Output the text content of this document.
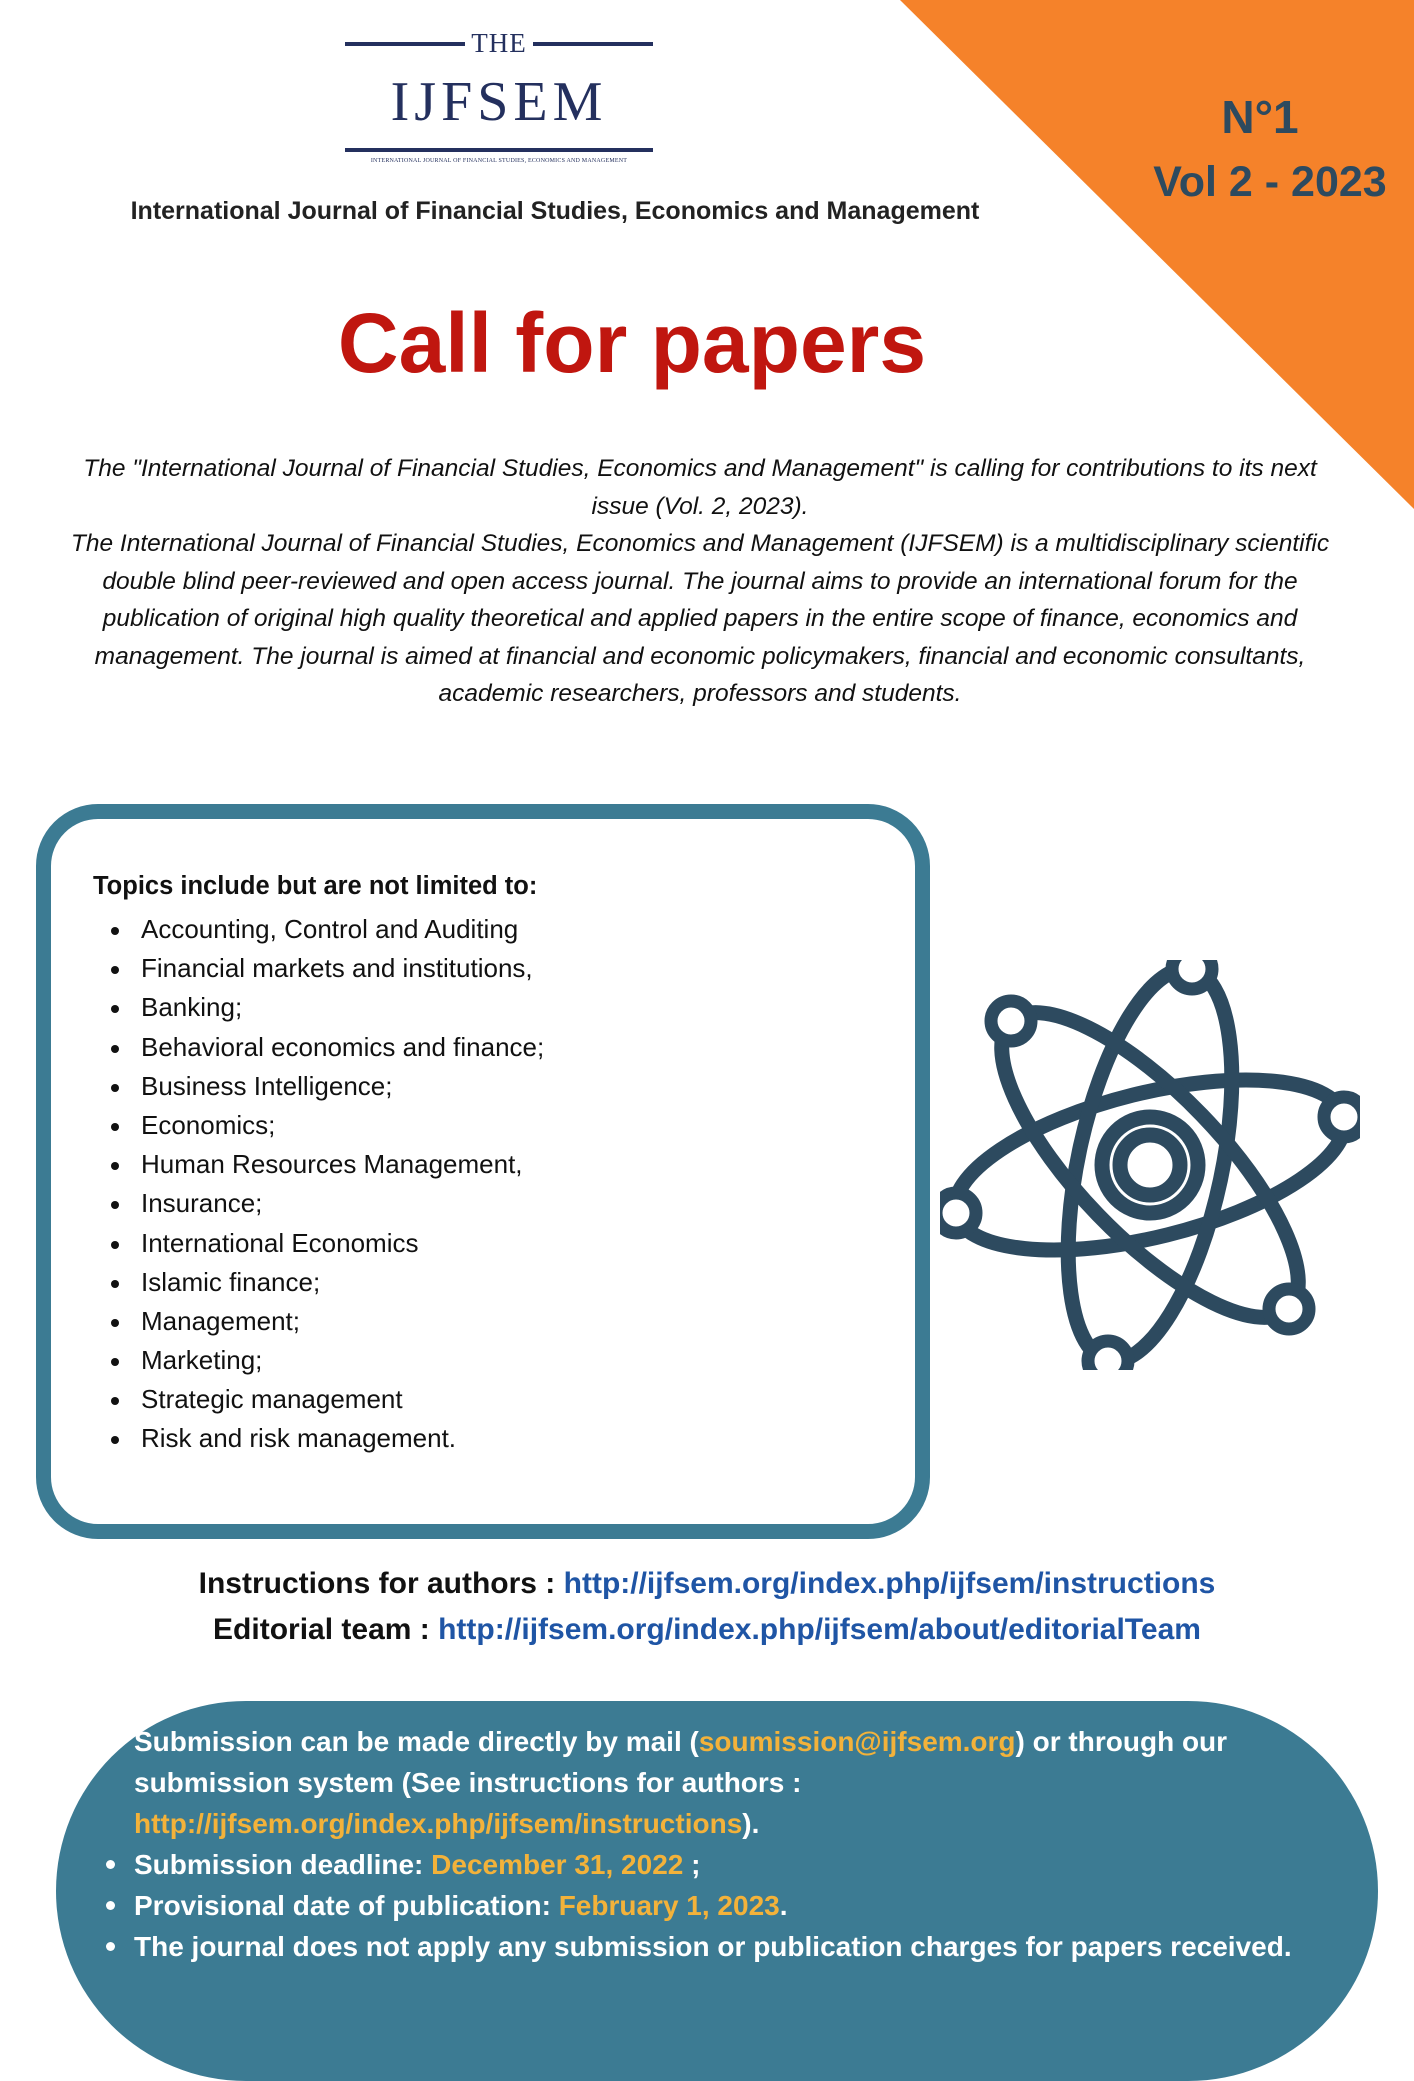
N°1
Vol 2 - 2023
THE
IJFSEM
INTERNATIONAL JOURNAL OF FINANCIAL STUDIES, ECONOMICS AND MANAGEMENT
International Journal of Financial Studies, Economics and Management
Call for papers

The "International Journal of Financial Studies, Economics and Management" is calling for contributions to its next issue (Vol. 2, 2023).

The International Journal of Financial Studies, Economics and Management (IJFSEM) is a multidisciplinary scientific double blind peer-reviewed and open access journal. The journal aims to provide an international forum for the publication of original high quality theoretical and applied papers in the entire scope of finance, economics and management. The journal is aimed at financial and economic policymakers, financial and economic consultants, academic researchers, professors and students.

Topics include but are not limited to:
Accounting, Control and Auditing
Financial markets and institutions,
Banking;
Behavioral economics and finance;
Business Intelligence;
Economics;
Human Resources Management,
Insurance;
International Economics
Islamic finance;
Management;
Marketing;
Strategic management
Risk and risk management.
Instructions for authors : http://ijfsem.org/index.php/ijfsem/instructions
Editorial team : http://ijfsem.org/index.php/ijfsem/about/editorialTeam
Submission can be made directly by mail (soumission@ijfsem.org) or through our submission system (See instructions for authors : http://ijfsem.org/index.php/ijfsem/instructions).
Submission deadline: December 31, 2022 ;
Provisional date of publication: February 1, 2023.
The journal does not apply any submission or publication charges for papers received.
